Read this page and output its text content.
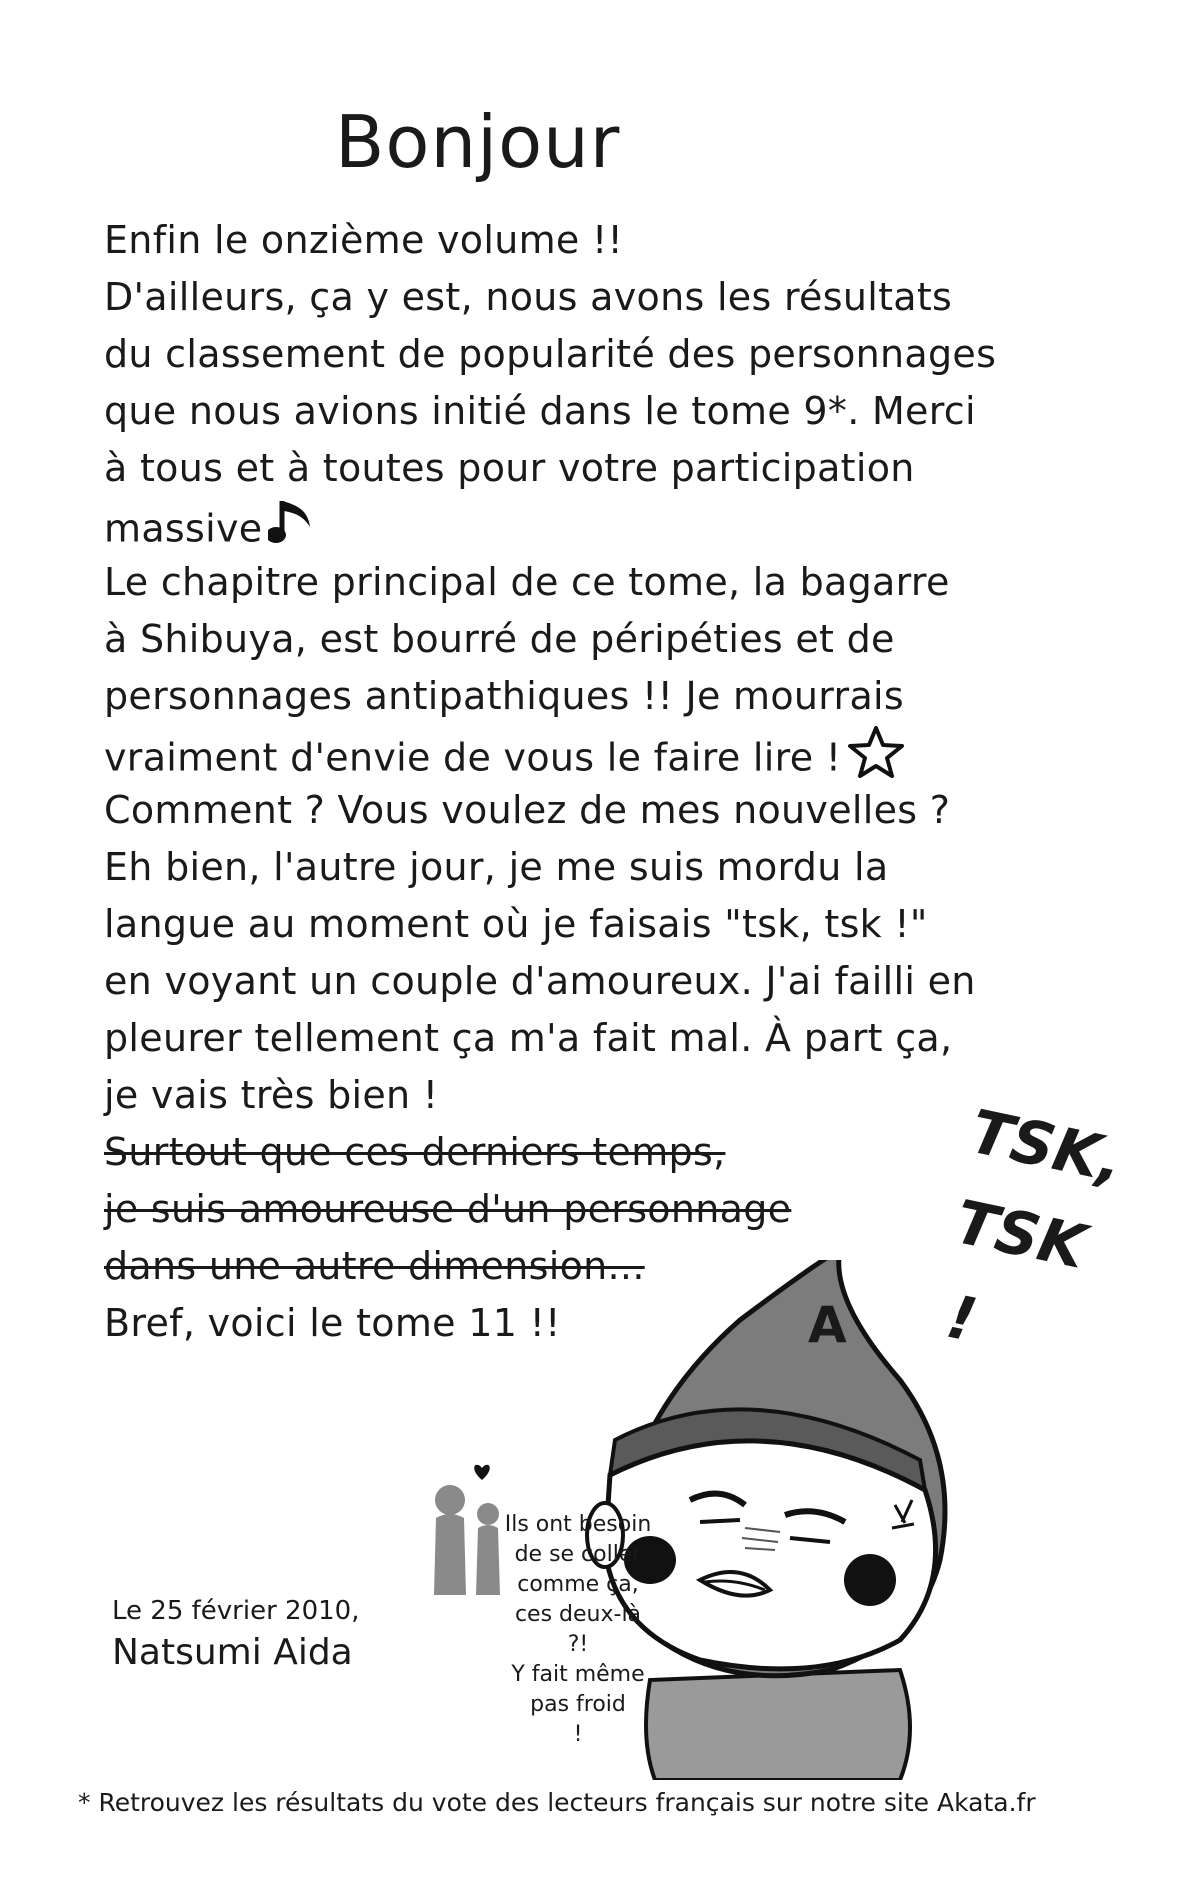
Bonjour
Enfin le onzième volume !!
D'ailleurs, ça y est, nous avons les résultats
du classement de popularité des personnages
que nous avions initié dans le tome 9*. Merci
à tous et à toutes pour votre participation
massive
Le chapitre principal de ce tome, la bagarre
à Shibuya, est bourré de péripéties et de
personnages antipathiques !! Je mourrais
vraiment d'envie de vous le faire lire !
Comment ? Vous voulez de mes nouvelles ?
Eh bien, l'autre jour, je me suis mordu la
langue au moment où je faisais "tsk, tsk !"
en voyant un couple d'amoureux. J'ai failli en
pleurer tellement ça m'a fait mal. À part ça,
je vais très bien !
Surtout que ces derniers temps,
je suis amoureuse d'un personnage
dans une autre dimension...
Bref, voici le tome 11 !!
TSK,
TSK
!
A
Ils ont besoin
de se coller
comme ça,
ces deux-là
?!
Y fait même
pas froid
!
Le 25 février 2010,
Natsumi Aida
* Retrouvez les résultats du vote des lecteurs français sur notre site Akata.fr
